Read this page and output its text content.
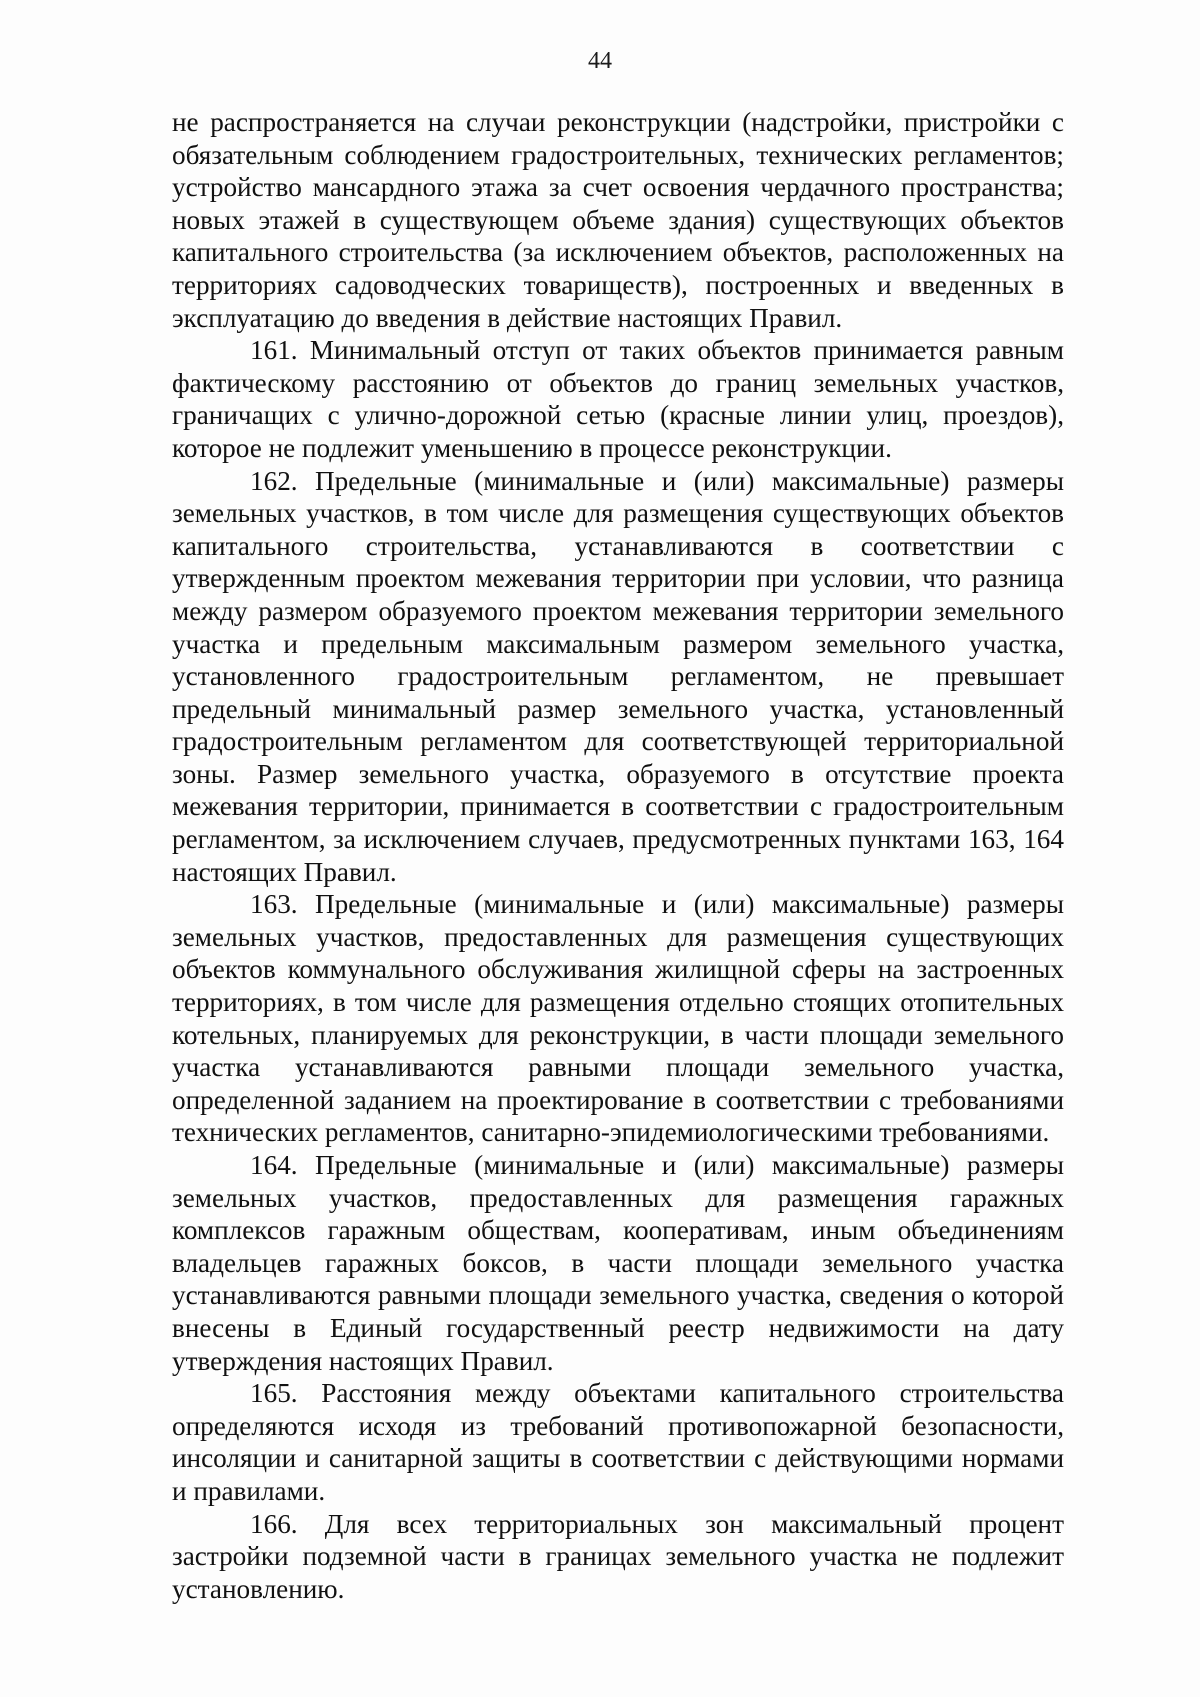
44

не распространяется на случаи реконструкции (надстройки, пристройки с обязательным соблюдением градостроительных, технических регламентов; устройство мансардного этажа за счет освоения чердачного пространства; новых этажей в существующем объеме здания) существующих объектов капитального строительства (за исключением объектов, расположенных на территориях садоводческих товариществ), построенных и введенных в эксплуатацию до введения в действие настоящих Правил.

161. Минимальный отступ от таких объектов принимается равным фактическому расстоянию от объектов до границ земельных участков, граничащих с улично-дорожной сетью (красные линии улиц, проездов), которое не подлежит уменьшению в процессе реконструкции.

162. Предельные (минимальные и (или) максимальные) размеры земельных участков, в том числе для размещения существующих объектов капитального строительства, устанавливаются в соответствии с утвержденным проектом межевания территории при условии, что разница между размером образуемого проектом межевания территории земельного участка и предельным максимальным размером земельного участка, установленного градостроительным регламентом, не превышает предельный минимальный размер земельного участка, установленный градостроительным регламентом для соответствующей территориальной зоны. Размер земельного участка, образуемого в отсутствие проекта межевания территории, принимается в соответствии с градостроительным регламентом, за исключением случаев, предусмотренных пунктами 163, 164 настоящих Правил.

163. Предельные (минимальные и (или) максимальные) размеры земельных участков, предоставленных для размещения существующих объектов коммунального обслуживания жилищной сферы на застроенных территориях, в том числе для размещения отдельно стоящих отопительных котельных, планируемых для реконструкции, в части площади земельного участка устанавливаются равными площади земельного участка, определенной заданием на проектирование в соответствии с требованиями технических регламентов, санитарно-эпидемиологическими требованиями.

164. Предельные (минимальные и (или) максимальные) размеры земельных участков, предоставленных для размещения гаражных комплексов гаражным обществам, кооперативам, иным объединениям владельцев гаражных боксов, в части площади земельного участка устанавливаются равными площади земельного участка, сведения о которой внесены в Единый государственный реестр недвижимости на дату утверждения настоящих Правил.

165. Расстояния между объектами капитального строительства определяются исходя из требований противопожарной безопасности, инсоляции и санитарной защиты в соответствии с действующими нормами и правилами.

166. Для всех территориальных зон максимальный процент застройки подземной части в границах земельного участка не подлежит установлению.
